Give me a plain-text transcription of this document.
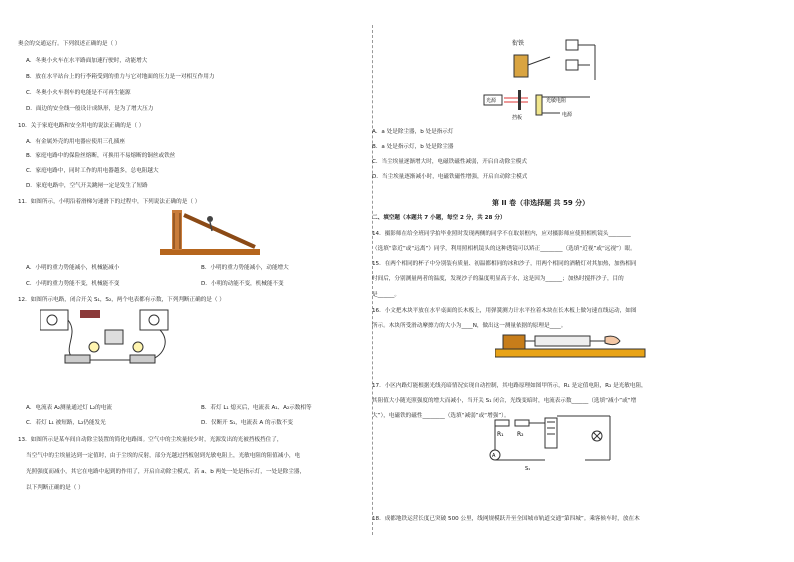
奥会的交通运行。下列叙述正确的是（ ）
A．冬奥小火车在水平路面加速行驶时，动能增大
B．放在水平站台上的行李箱受到的重力与它对地面的压力是一对相互作用力
C．冬奥小火车刹车的电能是不可再生能源
D．面边的安全线一般设计成纵形，是为了增大压力
10．关于家庭电路和安全用电的说法正确的是（ ）
A．有金属外壳的用电器应使用三孔插座
B．家庭电路中的保险丝熔断，可换用不易熔断的铜丝或铁丝
C．家庭电路中，同时工作的用电器越多，总电阻越大
D．家庭电路中，空气开关跳闸一定是发生了短路
11．如图所示，小明沿着滑梯匀速滑下的过程中，下列说法正确的是（ ）
A．小明的重力势能减小，机械能减小	B．小明的重力势能减小，动能增大
C．小明的重力势能不变，机械能不变	D．小明的动能不变，机械能不变
12．如图所示电路，闭合开关 S₁，S₂，两个电表都有示数，下列判断正确的是（ ）
A．电流表 A₂测量通过灯 L₂的电流	B．若灯 L₁ 熄灭后，电流表 A₁、A₂示数相等
C．若灯 L₁ 被短路，L₂仍能发光	D．仅断开 S₁，电流表 A 的示数不变
13．如图所示是某车间自动除尘装置的简化电路图。空气中的尘埃量较少时，光源发出的光被挡板挡住了，
当空气中的尘埃量达到一定值时，由于尘埃的反射，部分光越过挡板射到光敏电阻上，光敏电阻的阻值减小，电
光照强度而减小，其它在电路中起到的作用了，开启自动除尘模式，若 a、b 两处一处是指示灯，一处是除尘器，
以下判断正确的是（ ）
A．a 处是除尘器，b 处是指示灯
B．a 处是指示灯，b 处是除尘器
C．当尘埃量逐渐增大时，电磁铁磁性减弱，开启自动除尘模式
D．当尘埃量逐渐减小时，电磁铁磁性增强，开启自动除尘模式
第 II 卷（非选择题 共 59 分）
二、填空题（本题共 7 小题，每空 2 分，共 28 分）
14．摄影师在给全班同学拍毕业照时发现两侧的同学不在取景框内，应对摄影师应使照相机镜头________
（选填“靠近”或“远离”）同学，利用照相机镜头的这种透镜可以矫正________（选填“近视”或“远视”）眼。
15．在两个相同的杯子中分别装有质量、初温都相同的冰和沙子，用两个相同的酒精灯对其加热，加热相同
时间后，分别测量两者的温度，发现沙子的温度明显高于水，这是因为______；加热时搅拌沙子，目的
是______。
16．小文把木块平放在水平桌面的长木板上，用弹簧测力计水平拉着木块在长木板上做匀速直线运动，如图
所示。木块所受滑动摩擦力的大小为____N，做出这一测量依据的原理是____。
17．小区内路灯能根据光线亮暗情况实现自动控制，其电路原理如图甲所示，R₁ 是定值电阻，R₂ 是光敏电阻，
其阻值大小随光照强度的增大而减小，当开关 S₁ 闭合，光线变暗时，电流表示数______（选填“减小”或“增
大”），电磁铁的磁性________（选填“减弱”或“增强”）。
18．成都地铁运营长度已突破 500 公里，线网规模跃升至全国城市轨道交通“第四城”。乘客候车时，放在木
衔铁
光源
挡板
光敏电阻
电源
R₁ R₂
A
S₁
